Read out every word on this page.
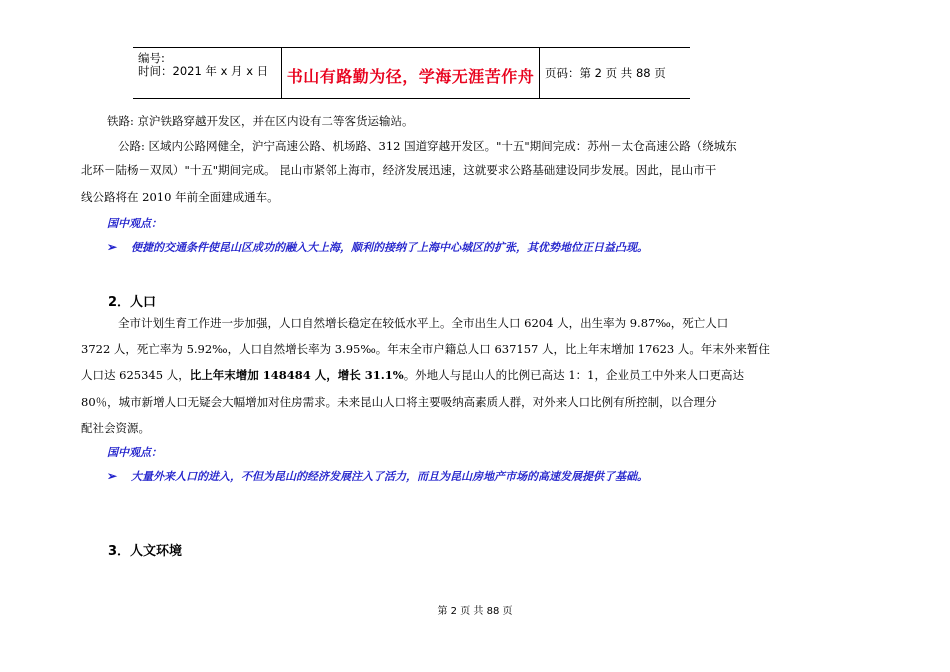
编号:
时间：2021 年 x 月 x 日 书山有路勤为径，学海无涯苦作舟 页码：第 2 页 共 88 页
铁路: 京沪铁路穿越开发区，并在区内设有二等客货运输站。
公路: 区域内公路网健全，沪宁高速公路、机场路、312 国道穿越开发区。"十五"期间完成：苏州－太仓高速公路（绕城东
北环－陆杨－双凤）"十五"期间完成。 昆山市紧邻上海市，经济发展迅速，这就要求公路基础建设同步发展。因此，昆山市干
线公路将在 2010 年前全面建成通车。
国中观点：
➢ 便捷的交通条件使昆山区成功的融入大上海，顺利的接纳了上海中心城区的扩张，其优势地位正日益凸现。
2．人口
全市计划生育工作进一步加强，人口自然增长稳定在较低水平上。全市出生人口 6204 人，出生率为 9.87‰，死亡人口
3722 人，死亡率为 5.92‰，人口自然增长率为 3.95‰。年末全市户籍总人口 637157 人，比上年末增加 17623 人。年末外来暂住
人口达 625345 人，比上年末增加 148484 人，增长 31.1%。外地人与昆山人的比例已高达 1：1，企业员工中外来人口更高达
80％，城市新增人口无疑会大幅增加对住房需求。未来昆山人口将主要吸纳高素质人群，对外来人口比例有所控制，以合理分
配社会资源。
国中观点：
➢ 大量外来人口的进入，不但为昆山的经济发展注入了活力，而且为昆山房地产市场的高速发展提供了基础。
3．人文环境
第 2 页 共 88 页
